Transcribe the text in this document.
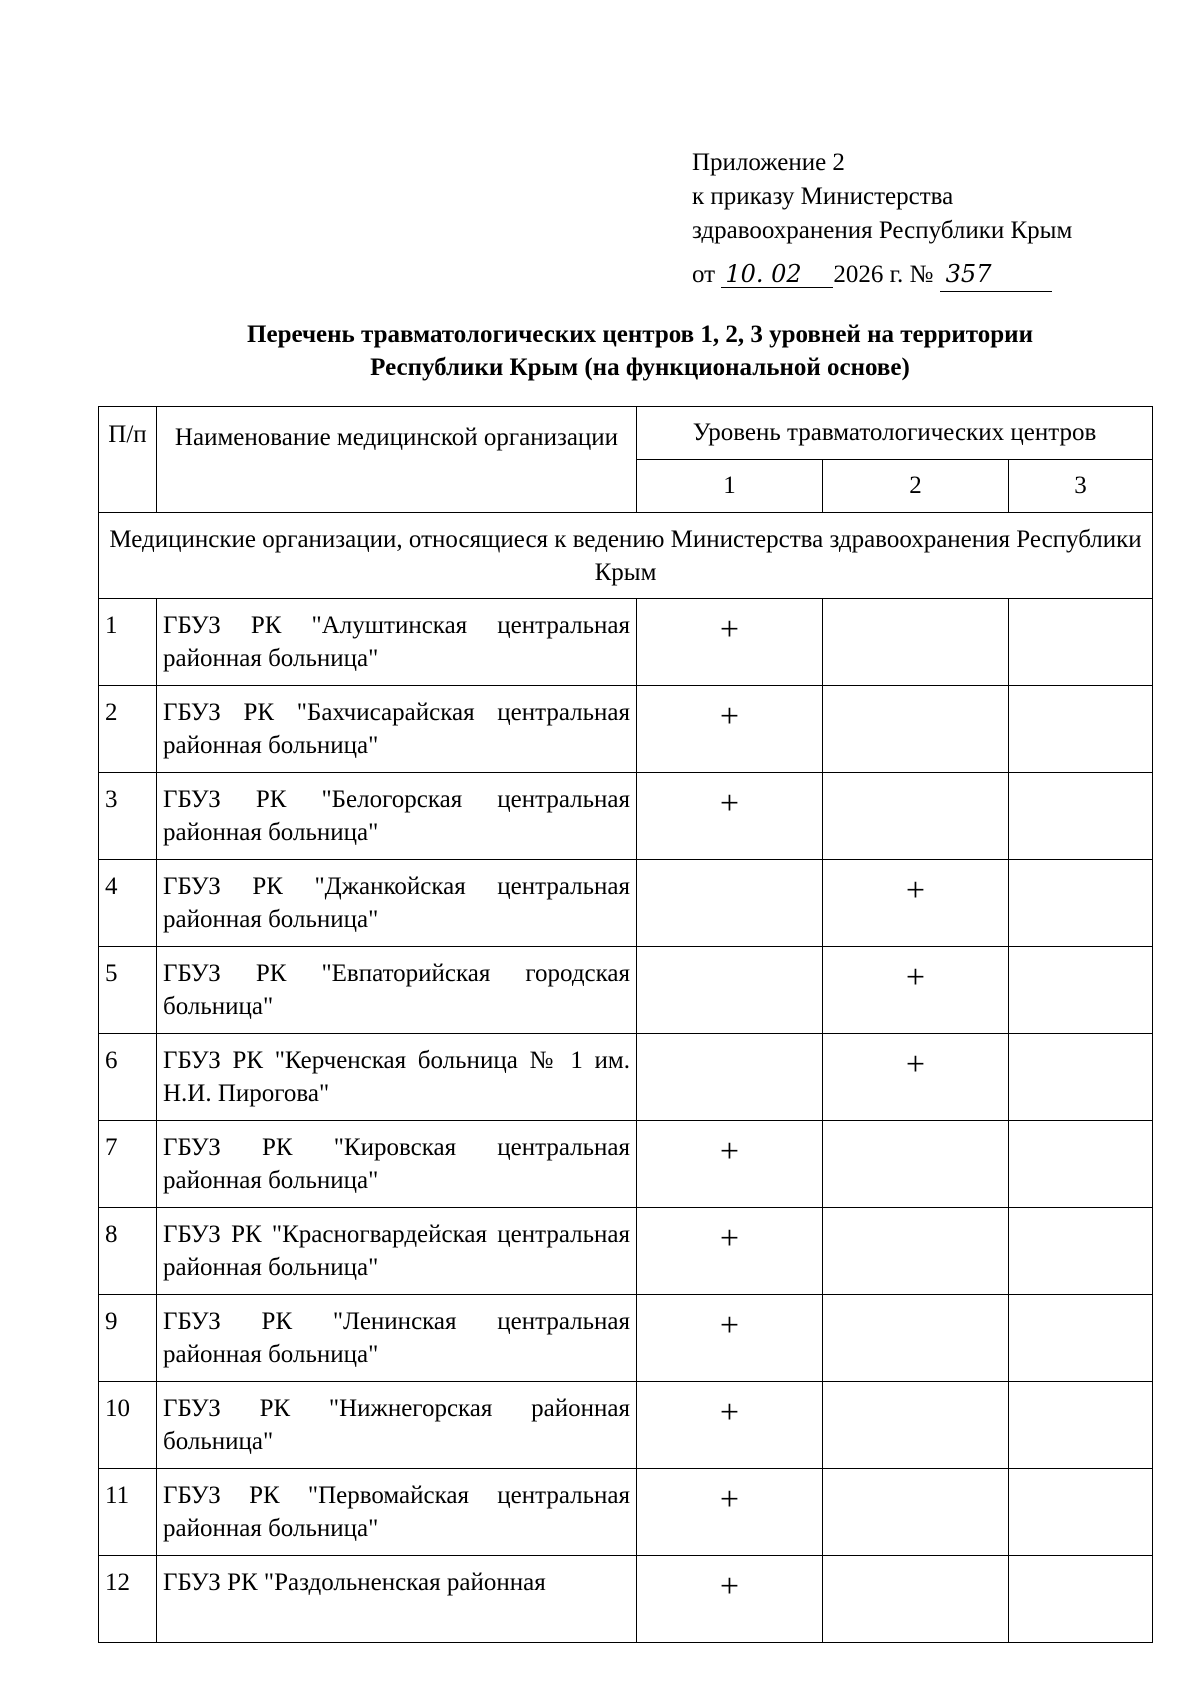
Приложение 2
к приказу Министерства
здравоохранения Республики Крым
от 10. 02 2026 г. № 357
Перечень травматологических центров 1, 2, 3 уровней на территории
Республики Крым (на функциональной основе)
П/п	Наименование медицинской организации	Уровень травматологических центров		
		1	2	3
Медицинские организации, относящиеся к ведению Министерства здравоохранения Республики Крым				
1	ГБУЗ РК "Алуштинская центральная районная больница"	+		
2	ГБУЗ РК "Бахчисарайская центральная районная больница"	+		
3	ГБУЗ РК "Белогорская центральная районная больница"	+		
4	ГБУЗ РК "Джанкойская центральная районная больница"		+	
5	ГБУЗ РК "Евпаторийская городская больница"		+	
6	ГБУЗ РК "Керченская больница № 1 им. Н.И. Пирогова"		+	
7	ГБУЗ РК "Кировская центральная районная больница"	+		
8	ГБУЗ РК "Красногвардейская центральная районная больница"	+		
9	ГБУЗ РК "Ленинская центральная районная больница"	+		
10	ГБУЗ РК "Нижнегорская районная больница"	+		
11	ГБУЗ РК "Первомайская центральная районная больница"	+		
12	ГБУЗ РК "Раздольненская районная	+		
